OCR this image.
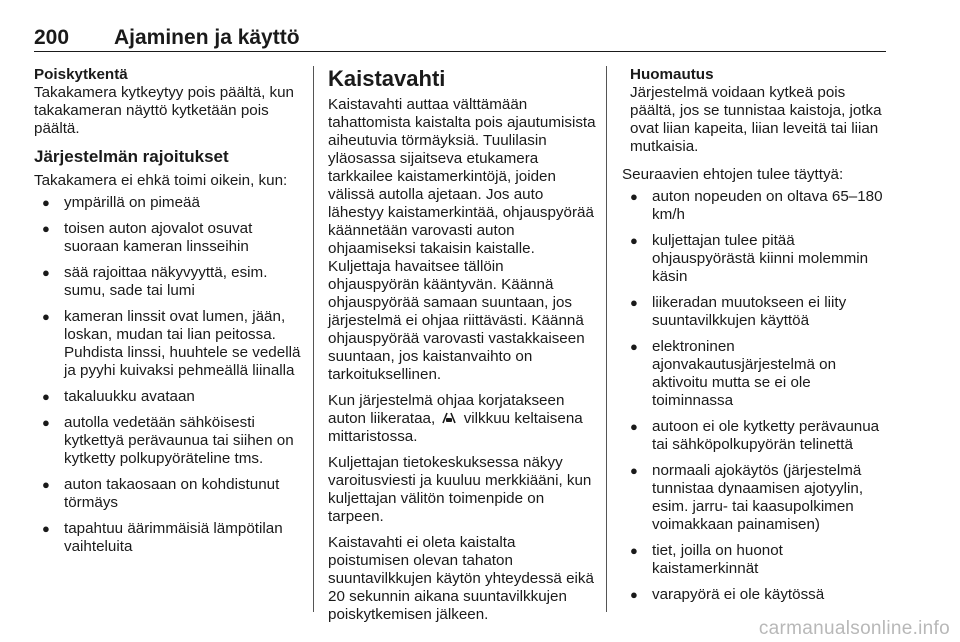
200 Ajaminen ja käyttö
Poiskytkentä

Takakamera kytkeytyy pois päältä, kun takakameran näyttö kytketään pois päältä.

Järjestelmän rajoitukset
Takakamera ei ehkä toimi oikein, kun:
● ympärillä on pimeää
● toisen auton ajovalot osuvat suoraan kameran linsseihin
● sää rajoittaa näkyvyyttä, esim. sumu, sade tai lumi
● kameran linssit ovat lumen, jään, loskan, mudan tai lian peitossa. Puhdista linssi, huuhtele se vedellä ja pyyhi kuivaksi pehmeällä liinalla
● takaluukku avataan
● autolla vedetään sähköisesti kytkettyä perävaunua tai siihen on kytketty polkupyöräteline tms.
● auton takaosaan on kohdistunut törmäys
● tapahtuu äärimmäisiä lämpötilan vaihteluita
Kaistavahti

Kaistavahti auttaa välttämään tahattomista kaistalta pois ajautumisista aiheutuvia törmäyksiä. Tuulilasin yläosassa sijaitseva etukamera tarkkailee kaistamerkintöjä, joiden välissä autolla ajetaan. Jos auto lähestyy kaistamerkintää, ohjauspyörää käännetään varovasti auton ohjaamiseksi takaisin kaistalle. Kuljettaja havaitsee tällöin ohjauspyörän kääntyvän. Käännä ohjauspyörää samaan suuntaan, jos järjestelmä ei ohjaa riittävästi. Käännä ohjauspyörää varovasti vastakkaiseen suuntaan, jos kaistanvaihto on tarkoituksellinen.

Kun järjestelmä ohjaa korjatakseen auton liikerataa, vilkkuu keltaisena mittaristossa.

Kuljettajan tietokeskuksessa näkyy varoitusviesti ja kuuluu merkkiääni, kun kuljettajan välitön toimenpide on tarpeen.

Kaistavahti ei oleta kaistalta poistumisen olevan tahaton suuntavilkkujen käytön yhteydessä eikä 20 sekunnin aikana suuntavilkkujen poiskytkemisen jälkeen.

Huomautus
Järjestelmä voidaan kytkeä pois päältä, jos se tunnistaa kaistoja, jotka ovat liian kapeita, liian leveitä tai liian mutkaisia.
Seuraavien ehtojen tulee täyttyä:
● auton nopeuden on oltava 65–180 km/h
● kuljettajan tulee pitää ohjauspyörästä kiinni molemmin käsin
● liikeradan muutokseen ei liity suuntavilkkujen käyttöä
● elektroninen ajonvakautusjärjestelmä on aktivoitu mutta se ei ole toiminnassa
● autoon ei ole kytketty perävaunua tai sähköpolkupyörän telinettä
● normaali ajokäytös (järjestelmä tunnistaa dynaamisen ajotyylin, esim. jarru- tai kaasupolkimen voimakkaan painamisen)
● tiet, joilla on huonot kaistamerkinnät
● varapyörä ei ole käytössä
carmanualsonline.info
